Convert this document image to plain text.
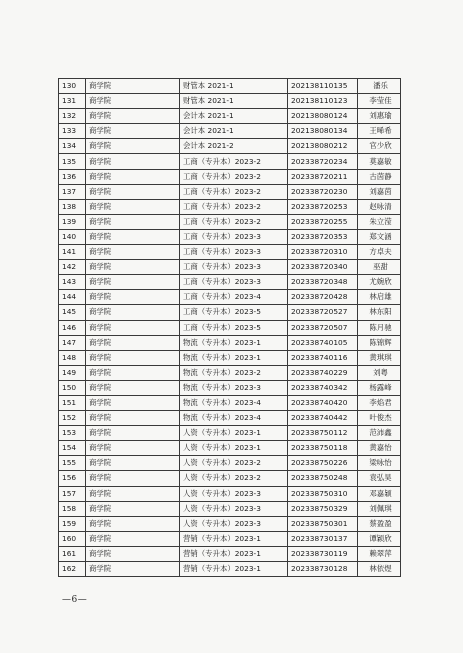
130	商学院	财管本 2021-1	202138110135	潘乐
131	商学院	财管本 2021-1	202138110123	李莹佳
132	商学院	会计本 2021-1	202138080124	刘惠瑜
133	商学院	会计本 2021-1	202138080134	王晞希
134	商学院	会计本 2021-2	202138080212	官少欣
135	商学院	工商（专升本）2023-2	202338720234	莫嘉敏
136	商学院	工商（专升本）2023-2	202338720211	古茵静
137	商学院	工商（专升本）2023-2	202338720230	刘嘉茵
138	商学院	工商（专升本）2023-2	202338720253	赵咏清
139	商学院	工商（专升本）2023-2	202338720255	朱立滢
140	商学院	工商（专升本）2023-3	202338720353	郑文涵
141	商学院	工商（专升本）2023-3	202338720310	方卓夫
142	商学院	工商（专升本）2023-3	202338720340	巫甜
143	商学院	工商（专升本）2023-3	202338720348	尤婉欣
144	商学院	工商（专升本）2023-4	202338720428	林启雄
145	商学院	工商（专升本）2023-5	202338720527	林东阳
146	商学院	工商（专升本）2023-5	202338720507	陈月驰
147	商学院	物流（专升本）2023-1	202338740105	陈锦辉
148	商学院	物流（专升本）2023-1	202338740116	黄琪琪
149	商学院	物流（专升本）2023-2	202338740229	刘粤
150	商学院	物流（专升本）2023-3	202338740342	杨露峰
151	商学院	物流（专升本）2023-4	202338740420	李焰君
152	商学院	物流（专升本）2023-4	202338740442	叶俊杰
153	商学院	人资（专升本）2023-1	202338750112	范沛鑫
154	商学院	人资（专升本）2023-1	202338750118	黄嘉怡
155	商学院	人资（专升本）2023-2	202338750226	梁咏怡
156	商学院	人资（专升本）2023-2	202338750248	袁弘昊
157	商学院	人资（专升本）2023-3	202338750310	邓嘉颖
158	商学院	人资（专升本）2023-3	202338750329	刘佩琪
159	商学院	人资（专升本）2023-3	202338750301	蔡盈盈
160	商学院	营销（专升本）2023-1	202338730137	谭颖欣
161	商学院	营销（专升本）2023-1	202338730119	赖翠萍
162	商学院	营销（专升本）2023-1	202338730128	林依煜
—6—
